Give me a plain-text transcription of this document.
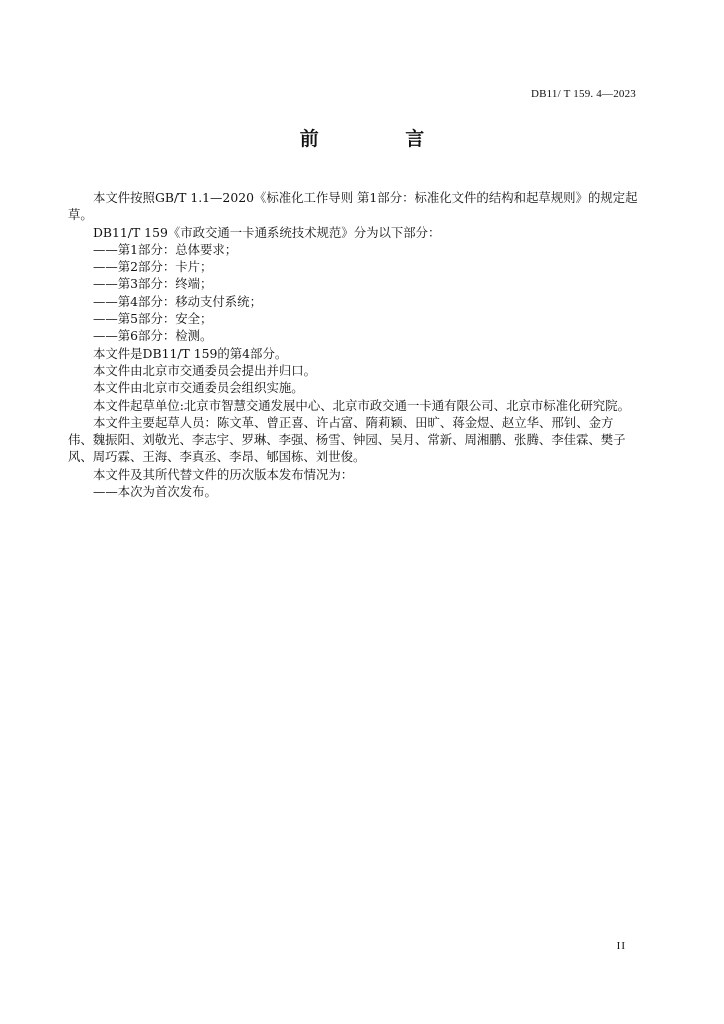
DB11/ T 159. 4—2023
前 言

本文件按照GB/T 1.1—2020《标准化工作导则 第1部分：标准化文件的结构和起草规则》的规定起草。

DB11/T 159《市政交通一卡通系统技术规范》分为以下部分：

——第1部分：总体要求；

——第2部分：卡片；

——第3部分：终端；

——第4部分：移动支付系统；

——第5部分：安全；

——第6部分：检测。

本文件是DB11/T 159的第4部分。

本文件由北京市交通委员会提出并归口。

本文件由北京市交通委员会组织实施。

本文件起草单位:北京市智慧交通发展中心、北京市政交通一卡通有限公司、北京市标准化研究院。

本文件主要起草人员：陈文革、曾正喜、许占富、隋莉颖、田旷、蒋金煜、赵立华、邢钊、金方伟、魏振阳、刘敬光、李志宇、罗琳、李强、杨雪、钟园、吴月、常新、周湘鹏、张腾、李佳霖、樊子风、周巧霖、王海、李真丞、李昂、郇国栋、刘世俊。

本文件及其所代替文件的历次版本发布情况为：

——本次为首次发布。

II
